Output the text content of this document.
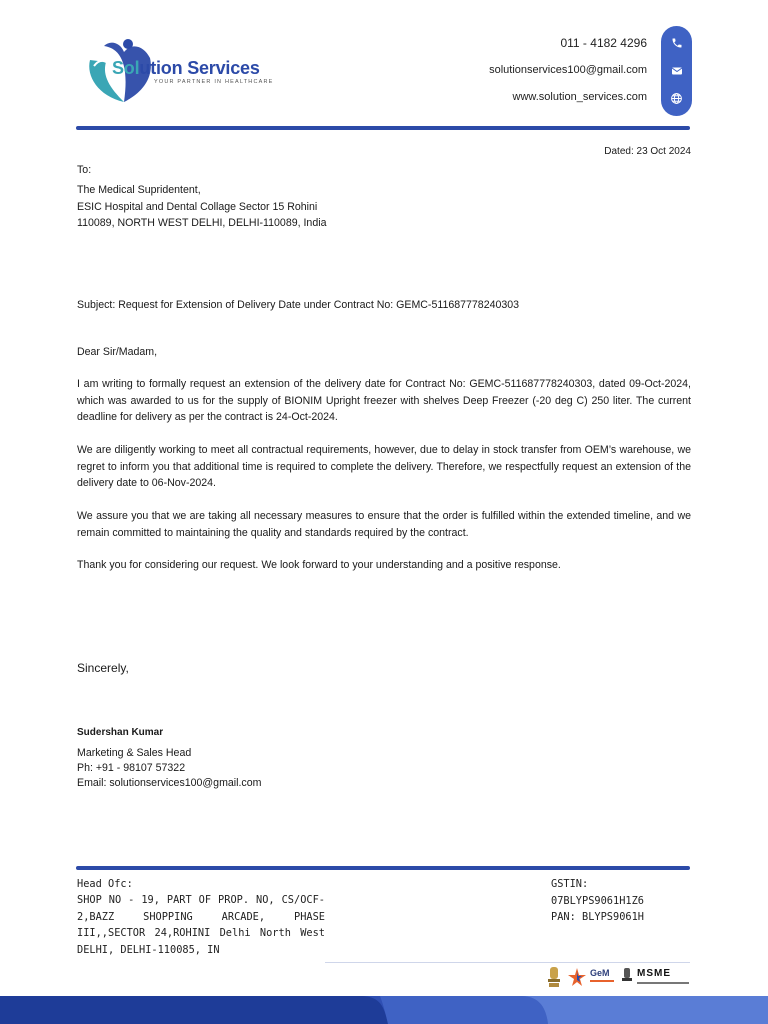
Solution Services
YOUR PARTNER IN HEALTHCARE
011 - 4182 4296
solutionservices100@gmail.com
www.solution_services.com
Dated: 23 Oct 2024
To:
The Medical Supridentent,
ESIC Hospital and Dental Collage Sector 15 Rohini
110089, NORTH WEST DELHI, DELHI-110089, India
Subject: Request for Extension of Delivery Date under Contract No: GEMC-511687778240303
Dear Sir/Madam,
I am writing to formally request an extension of the delivery date for Contract No: GEMC-511687778240303, dated 09-Oct-2024, which was awarded to us for the supply of BIONIM Upright freezer with shelves Deep Freezer (-20 deg C) 250 liter. The current deadline for delivery as per the contract is 24-Oct-2024.
We are diligently working to meet all contractual requirements, however, due to delay in stock transfer from OEM’s warehouse, we regret to inform you that additional time is required to complete the delivery. Therefore, we respectfully request an extension of the delivery date to 06-Nov-2024.
We assure you that we are taking all necessary measures to ensure that the order is fulfilled within the extended timeline, and we remain committed to maintaining the quality and standards required by the contract.
Thank you for considering our request. We look forward to your understanding and a positive response.
Sincerely,
Sudershan Kumar
Marketing & Sales Head
Ph: +91 - 98107 57322
Email: solutionservices100@gmail.com
Head Ofc:
SHOP NO - 19, PART OF PROP. NO, CS/OCF-2,BAZZ SHOPPING ARCADE, PHASE III,,SECTOR 24,ROHINI Delhi North West DELHI, DELHI-110085, IN
GSTIN:
07BLYPS9061H1Z6
PAN: BLYPS9061H
GeM	MSME
